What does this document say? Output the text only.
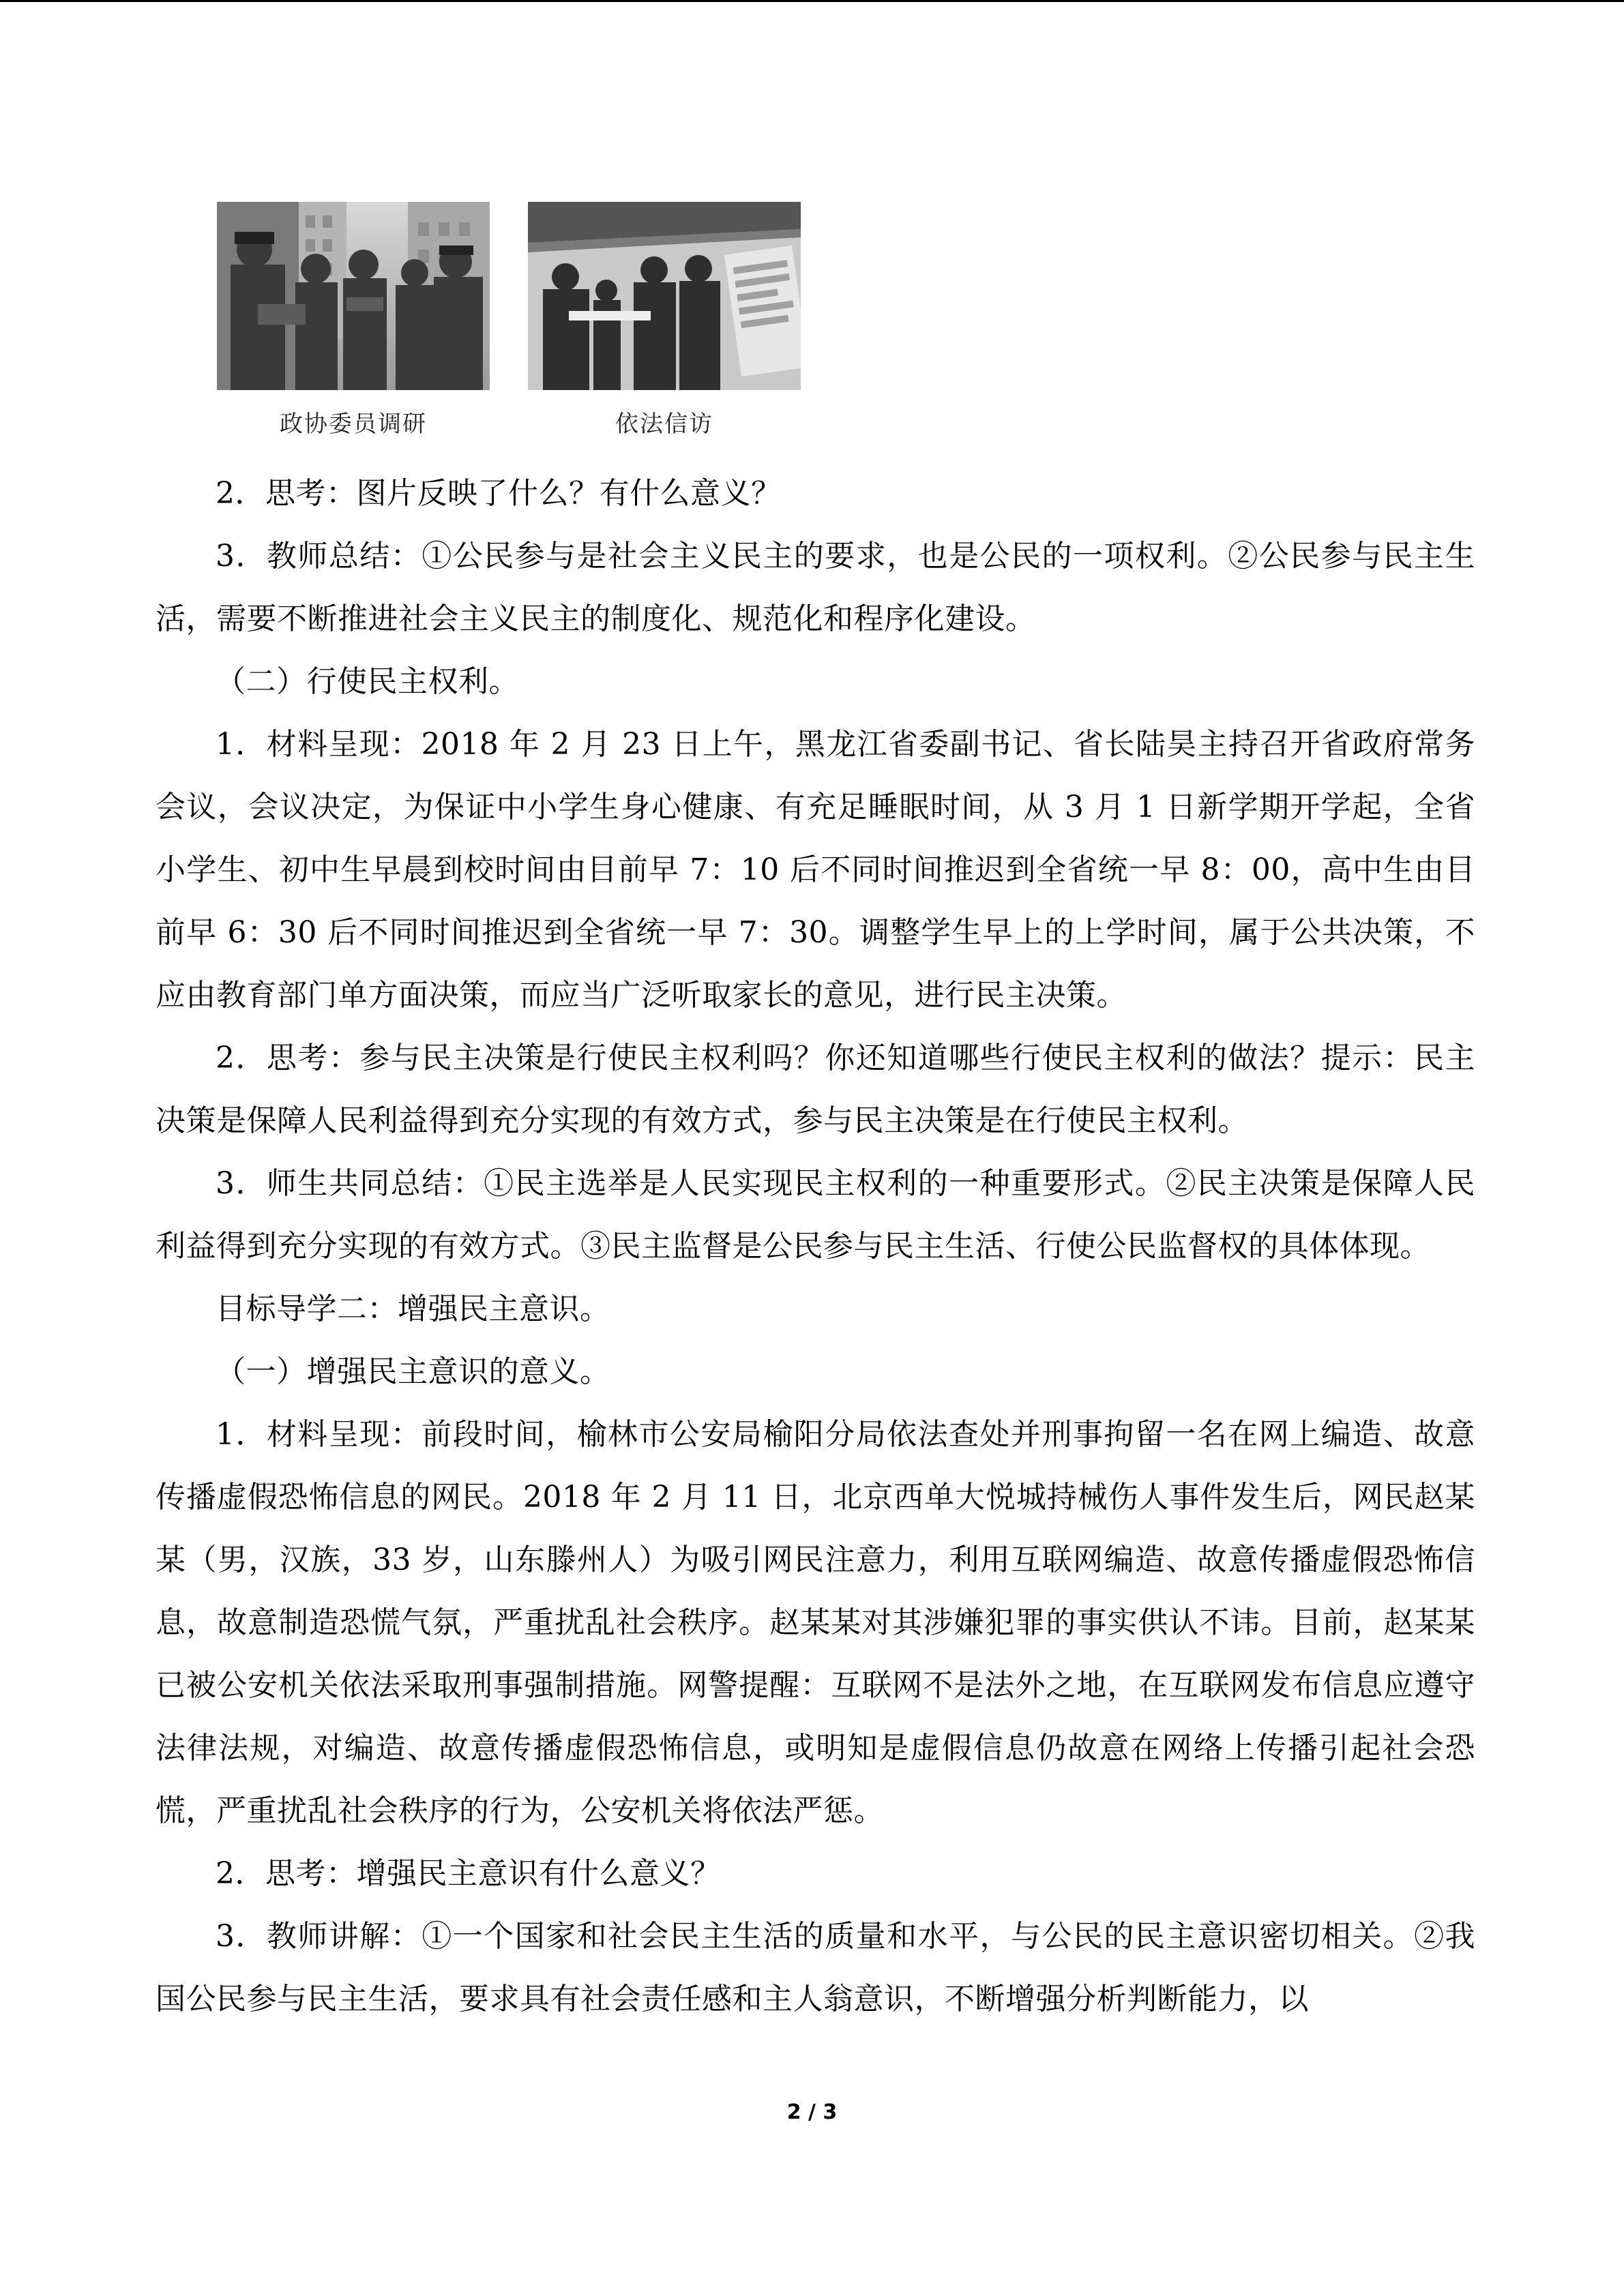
政协委员调研	依法信访

2．思考：图片反映了什么？有什么意义？

3．教师总结：①公民参与是社会主义民主的要求，也是公民的一项权利。②公民参与民主生活，需要不断推进社会主义民主的制度化、规范化和程序化建设。

（二）行使民主权利。

1．材料呈现：2018 年 2 月 23 日上午，黑龙江省委副书记、省长陆昊主持召开省政府常务会议，会议决定，为保证中小学生身心健康、有充足睡眠时间，从 3 月 1 日新学期开学起，全省小学生、初中生早晨到校时间由目前早 7：10 后不同时间推迟到全省统一早 8：00，高中生由目前早 6：30 后不同时间推迟到全省统一早 7：30。调整学生早上的上学时间，属于公共决策，不应由教育部门单方面决策，而应当广泛听取家长的意见，进行民主决策。

2．思考：参与民主决策是行使民主权利吗？你还知道哪些行使民主权利的做法？提示：民主决策是保障人民利益得到充分实现的有效方式，参与民主决策是在行使民主权利。

3．师生共同总结：①民主选举是人民实现民主权利的一种重要形式。②民主决策是保障人民利益得到充分实现的有效方式。③民主监督是公民参与民主生活、行使公民监督权的具体体现。

目标导学二：增强民主意识。

（一）增强民主意识的意义。

1．材料呈现：前段时间，榆林市公安局榆阳分局依法查处并刑事拘留一名在网上编造、故意传播虚假恐怖信息的网民。2018 年 2 月 11 日，北京西单大悦城持械伤人事件发生后，网民赵某某（男，汉族，33 岁，山东滕州人）为吸引网民注意力，利用互联网编造、故意传播虚假恐怖信息，故意制造恐慌气氛，严重扰乱社会秩序。赵某某对其涉嫌犯罪的事实供认不讳。目前，赵某某已被公安机关依法采取刑事强制措施。网警提醒：互联网不是法外之地，在互联网发布信息应遵守法律法规，对编造、故意传播虚假恐怖信息，或明知是虚假信息仍故意在网络上传播引起社会恐慌，严重扰乱社会秩序的行为，公安机关将依法严惩。

2．思考：增强民主意识有什么意义？

3．教师讲解：①一个国家和社会民主生活的质量和水平，与公民的民主意识密切相关。②我国公民参与民主生活，要求具有社会责任感和主人翁意识，不断增强分析判断能力，以

2 / 3
